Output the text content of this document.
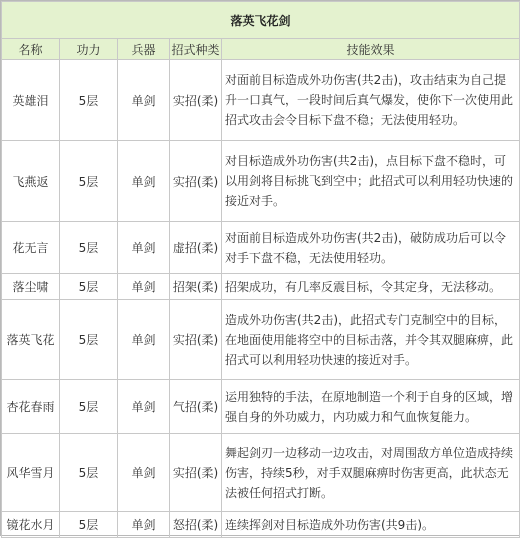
落英飞花剑				
名称	功力	兵器	招式种类	技能效果
英雄泪	5层	单剑	实招(柔)	对面前目标造成外功伤害(共2击)，攻击结束为自己提升一口真气，一段时间后真气爆发，使你下一次使用此招式攻击会令目标下盘不稳；无法使用轻功。
飞燕返	5层	单剑	实招(柔)	对目标造成外功伤害(共2击)，点目标下盘不稳时，可以用剑将目标挑飞到空中；此招式可以利用轻功快速的接近对手。
花无言	5层	单剑	虚招(柔)	对面前目标造成外功伤害(共2击)，破防成功后可以令对手下盘不稳，无法使用轻功。
落尘啸	5层	单剑	招架(柔)	招架成功，有几率反震目标，令其定身，无法移动。
落英飞花	5层	单剑	实招(柔)	造成外功伤害(共2击)，此招式专门克制空中的目标，在地面使用能将空中的目标击落，并令其双腿麻痹，此招式可以利用轻功快速的接近对手。
杏花春雨	5层	单剑	气招(柔)	运用独特的手法，在原地制造一个利于自身的区域，增强自身的外功威力，内功威力和气血恢复能力。
风华雪月	5层	单剑	实招(柔)	舞起剑刃一边移动一边攻击，对周围敌方单位造成持续伤害，持续5秒，对手双腿麻痹时伤害更高，此状态无法被任何招式打断。
镜花水月	5层	单剑	怒招(柔)	连续挥剑对目标造成外功伤害(共9击)。
